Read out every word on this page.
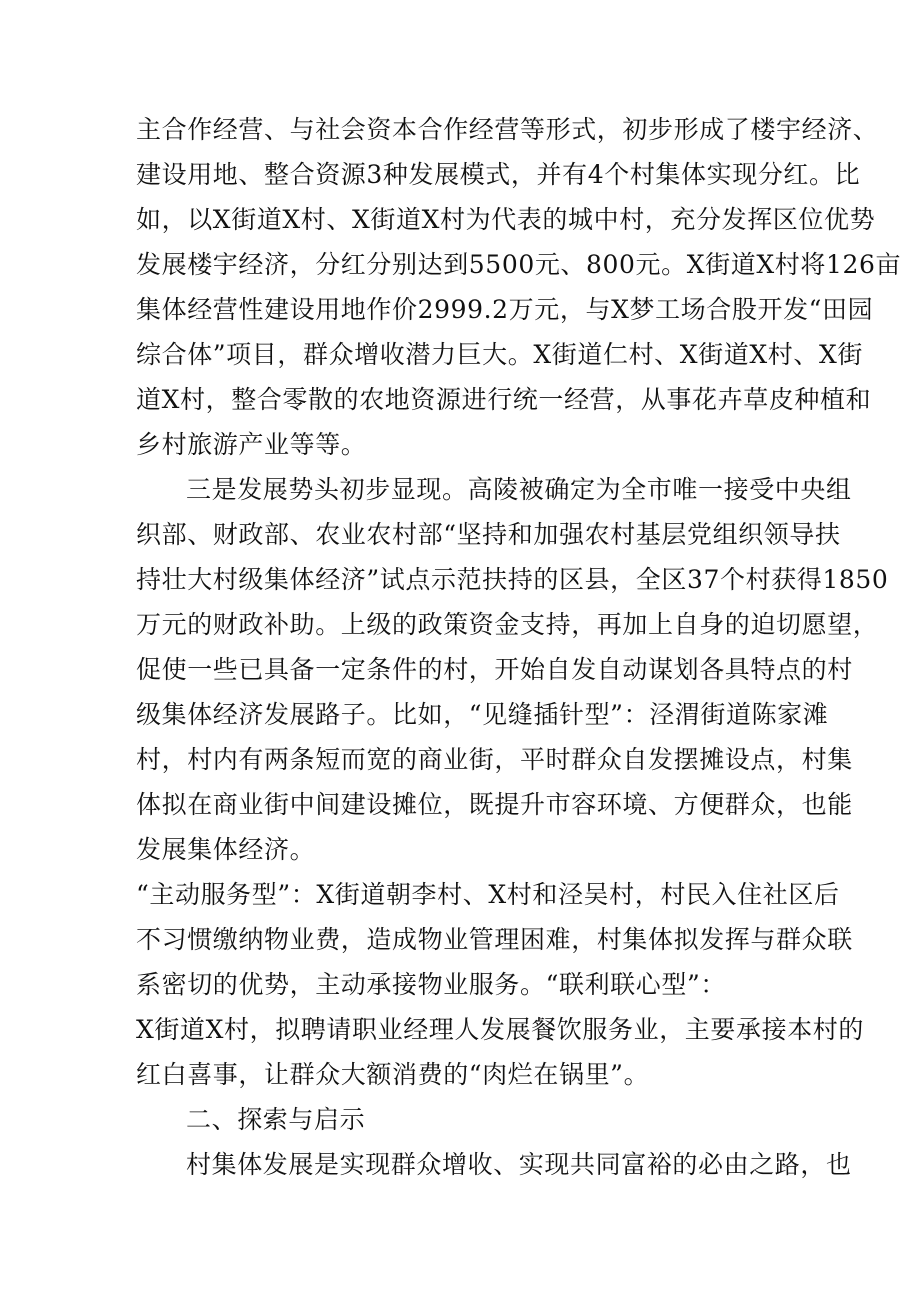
主合作经营、与社会资本合作经营等形式，初步形成了楼宇经济、
建设用地、整合资源3种发展模式，并有4个村集体实现分红。比
如，以X街道X村、X街道X村为代表的城中村，充分发挥区位优势
发展楼宇经济，分红分别达到5500元、800元。X街道X村将126亩
集体经营性建设用地作价2999.2万元，与X梦工场合股开发“田园
综合体”项目，群众增收潜力巨大。X街道仁村、X街道X村、X街
道X村，整合零散的农地资源进行统一经营，从事花卉草皮种植和
乡村旅游产业等等。
三是发展势头初步显现。高陵被确定为全市唯一接受中央组
织部、财政部、农业农村部“坚持和加强农村基层党组织领导扶
持壮大村级集体经济”试点示范扶持的区县，全区37个村获得1850
万元的财政补助。上级的政策资金支持，再加上自身的迫切愿望，
促使一些已具备一定条件的村，开始自发自动谋划各具特点的村
级集体经济发展路子。比如，“见缝插针型”：泾渭街道陈家滩
村，村内有两条短而宽的商业街，平时群众自发摆摊设点，村集
体拟在商业街中间建设摊位，既提升市容环境、方便群众，也能
发展集体经济。
“主动服务型”：X街道朝李村、X村和泾吴村，村民入住社区后
不习惯缴纳物业费，造成物业管理困难，村集体拟发挥与群众联
系密切的优势，主动承接物业服务。“联利联心型”：
X街道X村，拟聘请职业经理人发展餐饮服务业，主要承接本村的
红白喜事，让群众大额消费的“肉烂在锅里”。
二、探索与启示
村集体发展是实现群众增收、实现共同富裕的必由之路，也
